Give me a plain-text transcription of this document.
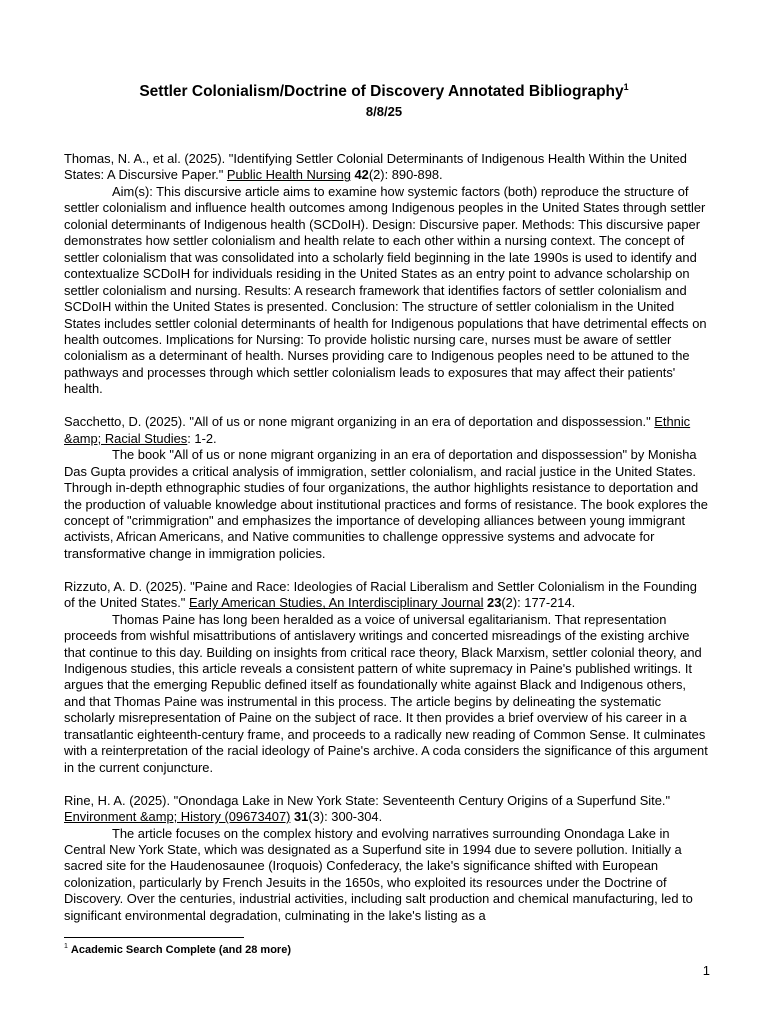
Settler Colonialism/Doctrine of Discovery Annotated Bibliography$^1$
8/8/25

Thomas, N. A., et al. (2025). "Identifying Settler Colonial Determinants of Indigenous Health Within the United States: A Discursive Paper." Public Health Nursing 42(2): 890-898.

Aim(s): This discursive article aims to examine how systemic factors (both) reproduce the structure of settler colonialism and influence health outcomes among Indigenous peoples in the United States through settler colonial determinants of Indigenous health (SCDoIH). Design: Discursive paper. Methods: This discursive paper demonstrates how settler colonialism and health relate to each other within a nursing context. The concept of settler colonialism that was consolidated into a scholarly field beginning in the late 1990s is used to identify and contextualize SCDoIH for individuals residing in the United States as an entry point to advance scholarship on settler colonialism and nursing. Results: A research framework that identifies factors of settler colonialism and SCDoIH within the United States is presented. Conclusion: The structure of settler colonialism in the United States includes settler colonial determinants of health for Indigenous populations that have detrimental effects on health outcomes. Implications for Nursing: To provide holistic nursing care, nurses must be aware of settler colonialism as a determinant of health. Nurses providing care to Indigenous peoples need to be attuned to the pathways and processes through which settler colonialism leads to exposures that may affect their patients' health.

Sacchetto, D. (2025). "All of us or none migrant organizing in an era of deportation and dispossession." Ethnic &amp; Racial Studies: 1-2.

The book "All of us or none migrant organizing in an era of deportation and dispossession" by Monisha Das Gupta provides a critical analysis of immigration, settler colonialism, and racial justice in the United States. Through in-depth ethnographic studies of four organizations, the author highlights resistance to deportation and the production of valuable knowledge about institutional practices and forms of resistance. The book explores the concept of "crimmigration" and emphasizes the importance of developing alliances between young immigrant activists, African Americans, and Native communities to challenge oppressive systems and advocate for transformative change in immigration policies.

Rizzuto, A. D. (2025). "Paine and Race: Ideologies of Racial Liberalism and Settler Colonialism in the Founding of the United States." Early American Studies, An Interdisciplinary Journal 23(2): 177-214.

Thomas Paine has long been heralded as a voice of universal egalitarianism. That representation proceeds from wishful misattributions of antislavery writings and concerted misreadings of the existing archive that continue to this day. Building on insights from critical race theory, Black Marxism, settler colonial theory, and Indigenous studies, this article reveals a consistent pattern of white supremacy in Paine's published writings. It argues that the emerging Republic defined itself as foundationally white against Black and Indigenous others, and that Thomas Paine was instrumental in this process. The article begins by delineating the systematic scholarly misrepresentation of Paine on the subject of race. It then provides a brief overview of his career in a transatlantic eighteenth-century frame, and proceeds to a radically new reading of Common Sense. It culminates with a reinterpretation of the racial ideology of Paine's archive. A coda considers the significance of this argument in the current conjuncture.

Rine, H. A. (2025). "Onondaga Lake in New York State: Seventeenth Century Origins of a Superfund Site." Environment &amp; History (09673407) 31(3): 300-304.

The article focuses on the complex history and evolving narratives surrounding Onondaga Lake in Central New York State, which was designated as a Superfund site in 1994 due to severe pollution. Initially a sacred site for the Haudenosaunee (Iroquois) Confederacy, the lake's significance shifted with European colonization, particularly by French Jesuits in the 1650s, who exploited its resources under the Doctrine of Discovery. Over the centuries, industrial activities, including salt production and chemical manufacturing, led to significant environmental degradation, culminating in the lake's listing as a

$^1$ Academic Search Complete (and 28 more)
1
